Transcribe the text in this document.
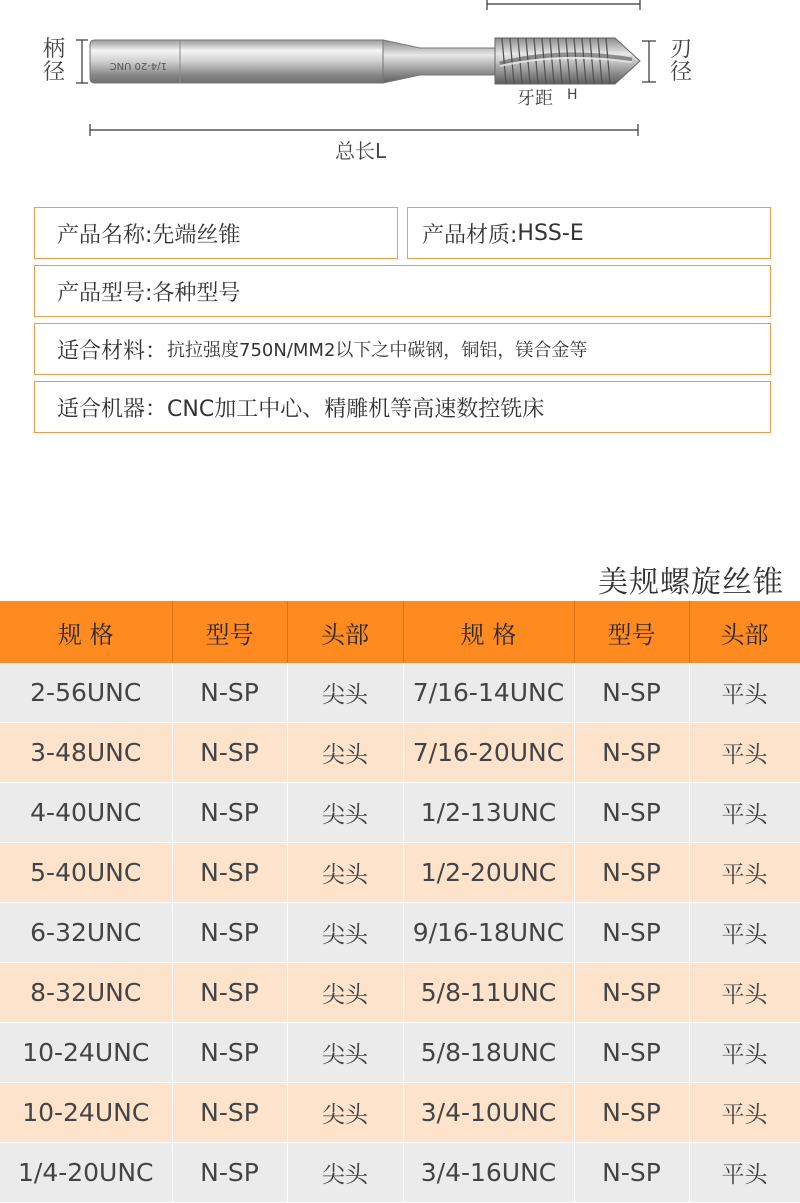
1/4-20 UNC
柄径
刃径
牙距 H
总长L
产品名称: 先端丝锥	产品材质: HSS-E
产品型号: 各种型号
适合材料： 抗拉强度750N/MM2以下之中碳钢，铜铝，镁合金等
适合机器： CNC加工中心、精雕机等高速数控铣床
美规螺旋丝锥
规 格	型号	头部	规 格	型号	头部
2-56UNC	N-SP	尖头	7/16-14UNC	N-SP	平头
3-48UNC	N-SP	尖头	7/16-20UNC	N-SP	平头
4-40UNC	N-SP	尖头	1/2-13UNC	N-SP	平头
5-40UNC	N-SP	尖头	1/2-20UNC	N-SP	平头
6-32UNC	N-SP	尖头	9/16-18UNC	N-SP	平头
8-32UNC	N-SP	尖头	5/8-11UNC	N-SP	平头
10-24UNC	N-SP	尖头	5/8-18UNC	N-SP	平头
10-24UNC	N-SP	尖头	3/4-10UNC	N-SP	平头
1/4-20UNC	N-SP	尖头	3/4-16UNC	N-SP	平头
